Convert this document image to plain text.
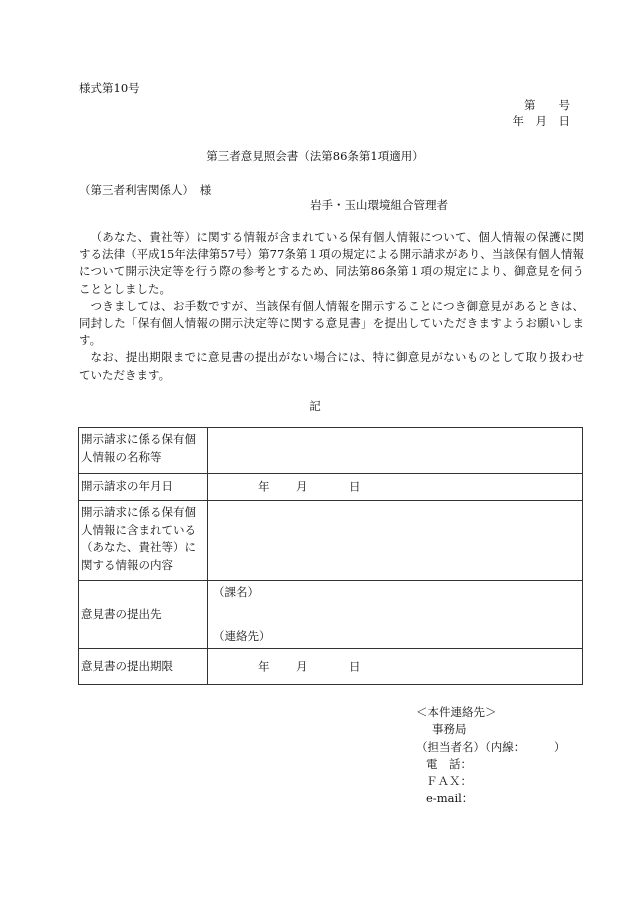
様式第10号
第　　号
年　月　日
第三者意見照会書（法第86条第1項適用）
（第三者利害関係人）　様
岩手・玉山環境組合管理者

（あなた、貴社等）に関する情報が含まれている保有個人情報について、個人情報の保護に関する法律（平成15年法律第57号）第77条第１項の規定による開示請求があり、当該保有個人情報について開示決定等を行う際の参考とするため、同法第86条第１項の規定により、御意見を伺うこととしました。

つきましては、お手数ですが、当該保有個人情報を開示することにつき御意見があるときは、同封した「保有個人情報の開示決定等に関する意見書」を提出していただきますようお願いします。

なお、提出期限までに意見書の提出がない場合には、特に御意見がないものとして取り扱わせていただきます。

記
開示請求に係る保有個人情報の名称等	
開示請求の年月日	年 月 日

開示請求に係る保有個人情報に含まれている（あなた、貴社等）に関する情報の内容	
意見書の提出先	（課名）
（連絡先）

意見書の提出期限	年 月 日
＜本件連絡先＞
事務局
（担当者名）（内線：　　　）
電　話：
ＦＡＸ：
e-mail：
